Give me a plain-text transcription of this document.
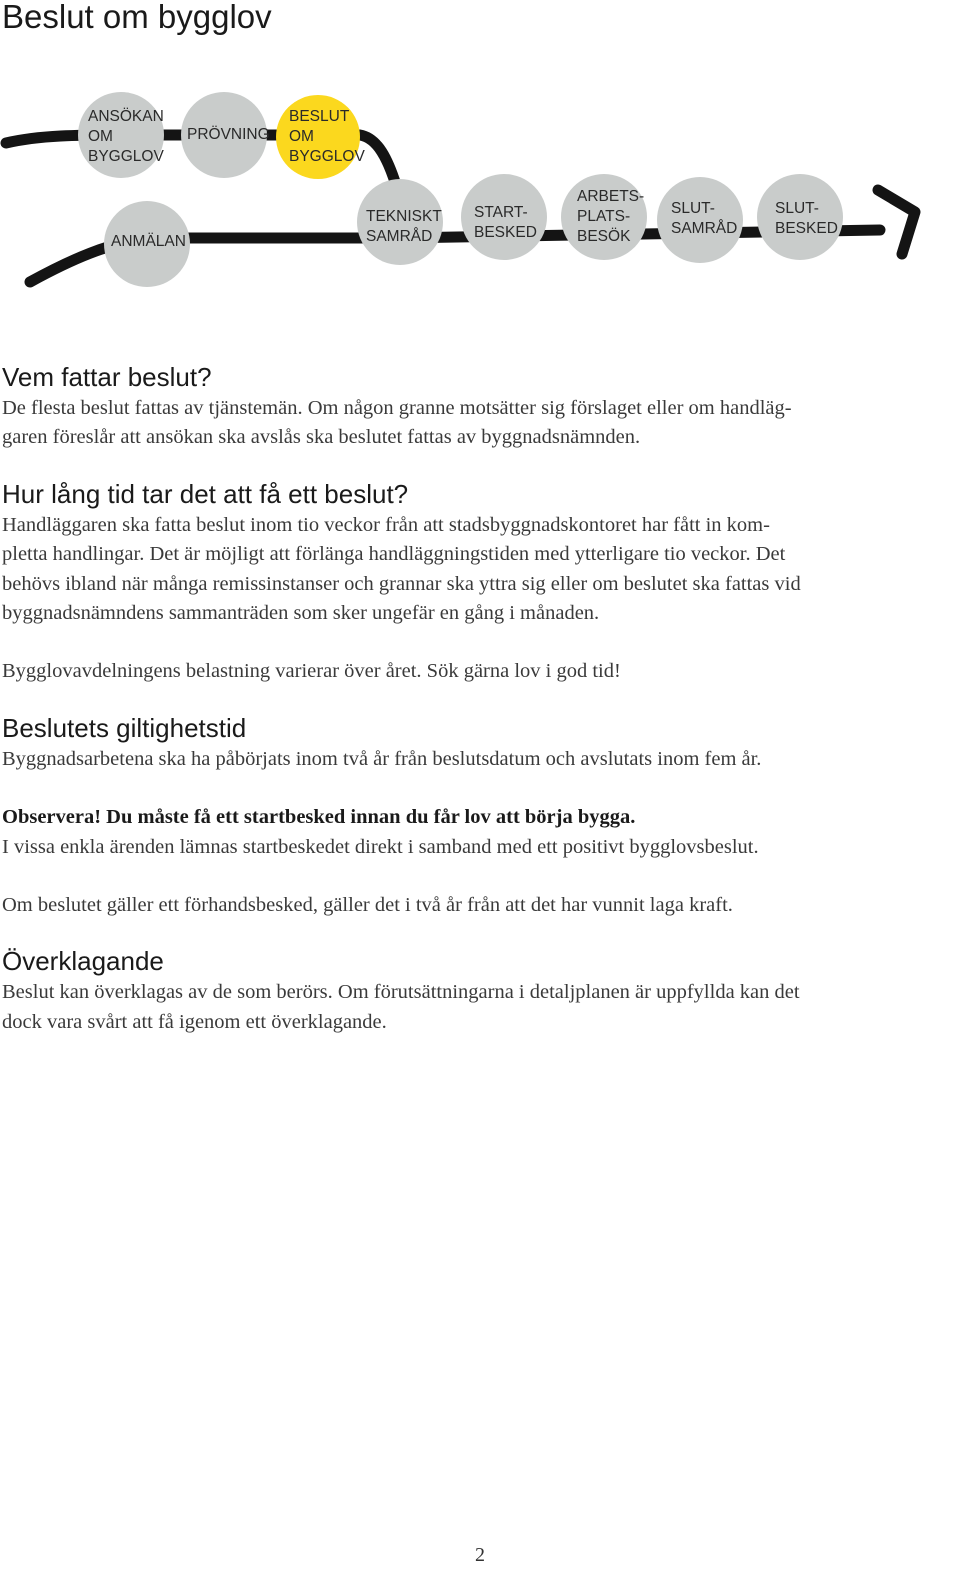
Beslut om bygglov
ANSÖKAN
OM
BYGGLOV
PRÖVNING
BESLUT
OM
BYGGLOV
ANMÄLAN
TEKNISKT
SAMRÅD
START-
BESKED
ARBETS-
PLATS-
BESÖK
SLUT-
SAMRÅD
SLUT-
BESKED
Vem fattar beslut?

De flesta beslut fattas av tjänstemän. Om någon granne motsätter sig förslaget eller om handläg-

garen föreslår att ansökan ska avslås ska beslutet fattas av byggnadsnämnden.

Hur lång tid tar det att få ett beslut?

Handläggaren ska fatta beslut inom tio veckor från att stadsbyggnadskontoret har fått in kom-

pletta handlingar. Det är möjligt att förlänga handläggningstiden med ytterligare tio veckor. Det

behövs ibland när många remissinstanser och grannar ska yttra sig eller om beslutet ska fattas vid

byggnadsnämndens sammanträden som sker ungefär en gång i månaden.

Bygglovavdelningens belastning varierar över året. Sök gärna lov i god tid!

Beslutets giltighetstid

Byggnadsarbetena ska ha påbörjats inom två år från beslutsdatum och avslutats inom fem år.

Observera! Du måste få ett startbesked innan du får lov att börja bygga.

I vissa enkla ärenden lämnas startbeskedet direkt i samband med ett positivt bygglovsbeslut.

Om beslutet gäller ett förhandsbesked, gäller det i två år från att det har vunnit laga kraft.

Överklagande

Beslut kan överklagas av de som berörs. Om förutsättningarna i detaljplanen är uppfyllda kan det

dock vara svårt att få igenom ett överklagande.

2
